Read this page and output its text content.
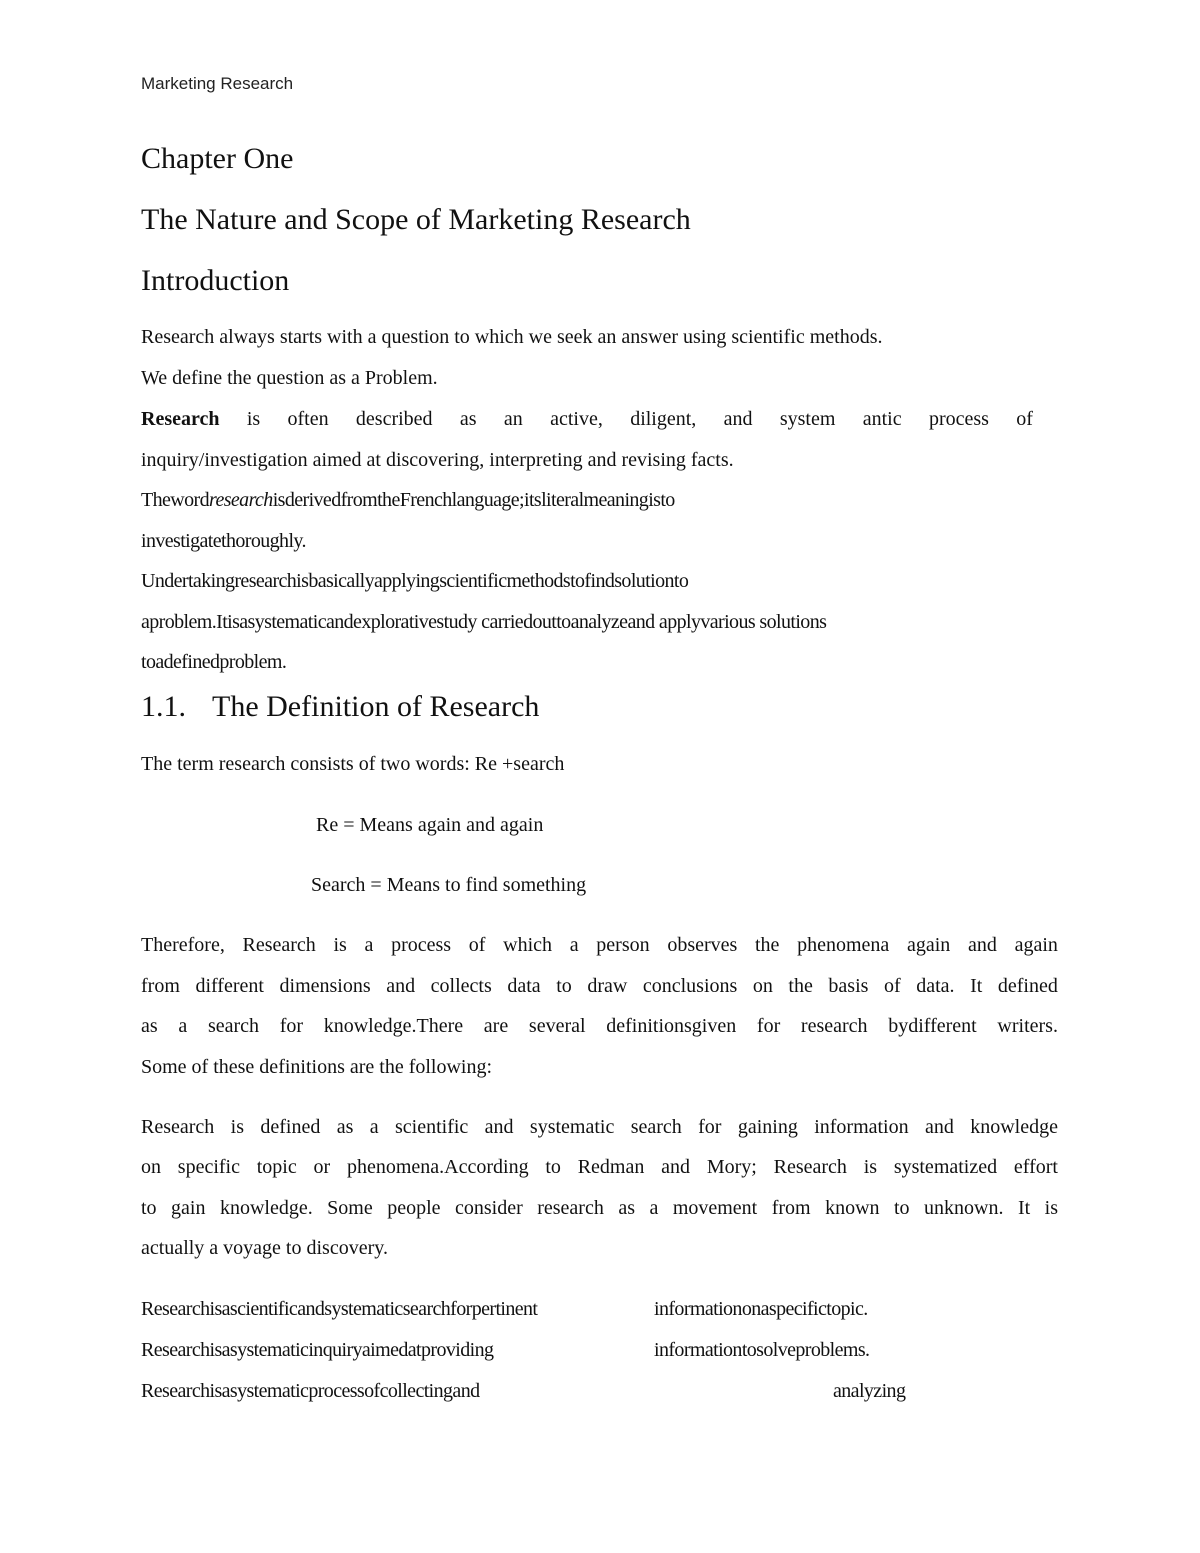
Marketing Research
Chapter One
The Nature and Scope of Marketing Research
Introduction
Research always starts with a question to which we seek an answer using scientific methods.
We define the question as a Problem.
Research is often described as an active, diligent, and system antic process of
inquiry/investigation aimed at discovering, interpreting and revising facts.
ThewordresearchisderivedfromtheFrenchlanguage;itsliteralmeaningisto
investigatethoroughly.
Undertakingresearchisbasicallyapplyingscientificmethodstofindsolutionto
aproblem.Itisasystematicandexplorativestudy carriedouttoanalyzeand applyvarious solutions
toadefinedproblem.
1.1. The Definition of Research
The term research consists of two words: Re +search
Re = Means again and again
Search = Means to find something
Therefore, Research is a process of which a person observes the phenomena again and again
from different dimensions and collects data to draw conclusions on the basis of data. It defined
as a search for knowledge.There are several definitionsgiven for research bydifferent writers.
Some of these definitions are the following:
Research is defined as a scientific and systematic search for gaining information and knowledge
on specific topic or phenomena.According to Redman and Mory; Research is systematized effort
to gain knowledge. Some people consider research as a movement from known to unknown. It is
actually a voyage to discovery.
Researchisascientificandsystematicsearchforpertinent	informationonaspecifictopic.
Researchisasystematicinquiryaimedatproviding	informationtosolveproblems.
Researchisasystematicprocessofcollectingand	analyzing
